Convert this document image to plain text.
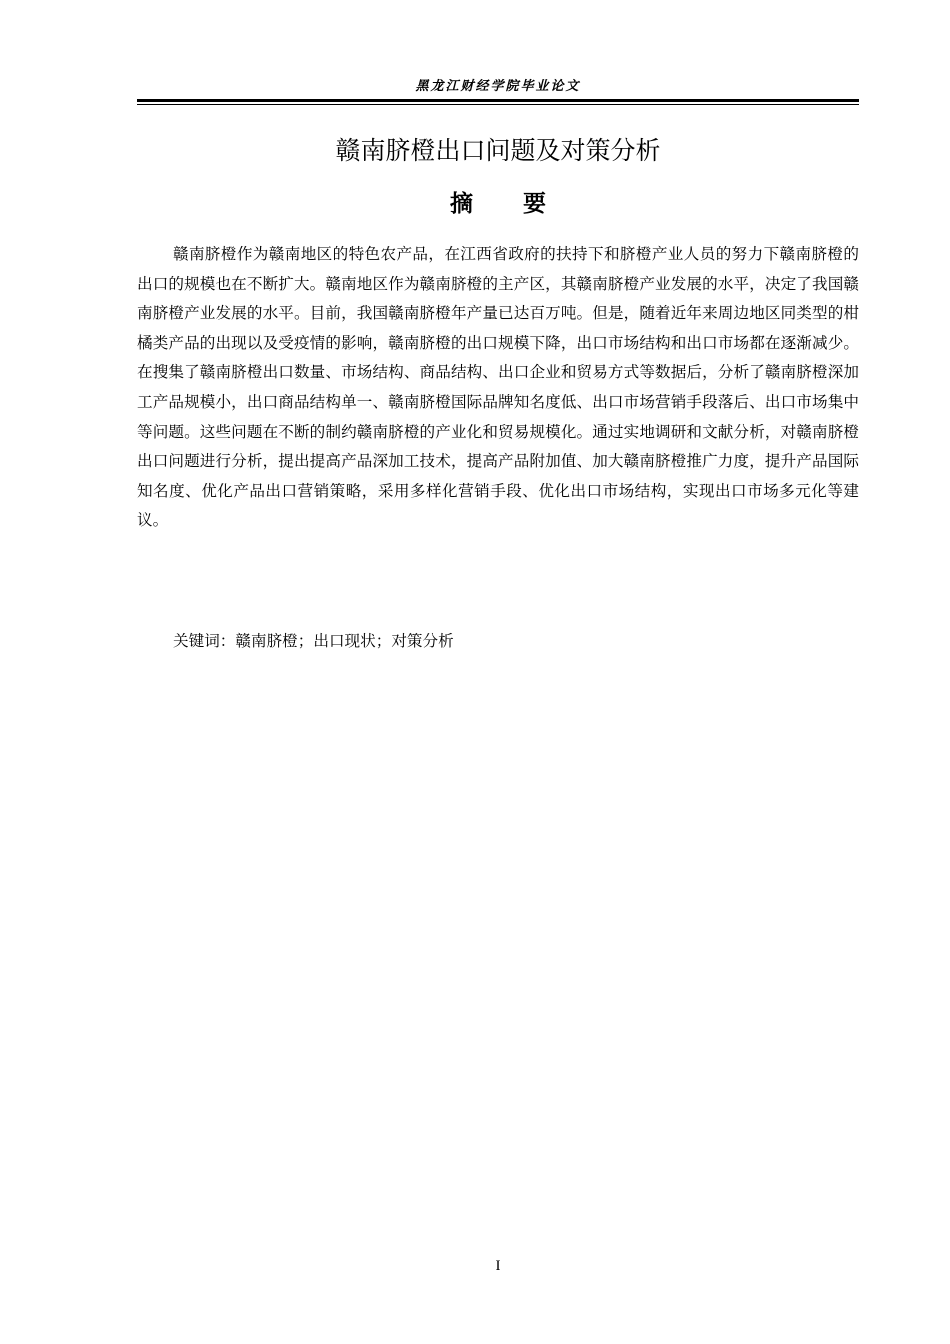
黑龙江财经学院毕业论文
赣南脐橙出口问题及对策分析
摘要

赣南脐橙作为赣南地区的特色农产品，在江西省政府的扶持下和脐橙产业人员的努力下赣南脐橙的出口的规模也在不断扩大。赣南地区作为赣南脐橙的主产区，其赣南脐橙产业发展的水平，决定了我国赣南脐橙产业发展的水平。目前，我国赣南脐橙年产量已达百万吨。但是，随着近年来周边地区同类型的柑橘类产品的出现以及受疫情的影响，赣南脐橙的出口规模下降，出口市场结构和出口市场都在逐渐减少。在搜集了赣南脐橙出口数量、市场结构、商品结构、出口企业和贸易方式等数据后，分析了赣南脐橙深加工产品规模小，出口商品结构单一、赣南脐橙国际品牌知名度低、出口市场营销手段落后、出口市场集中等问题。这些问题在不断的制约赣南脐橙的产业化和贸易规模化。通过实地调研和文献分析，对赣南脐橙出口问题进行分析，提出提高产品深加工技术，提高产品附加值、加大赣南脐橙推广力度，提升产品国际知名度、优化产品出口营销策略，采用多样化营销手段、优化出口市场结构，实现出口市场多元化等建议。

关键词：赣南脐橙；出口现状；对策分析

I
